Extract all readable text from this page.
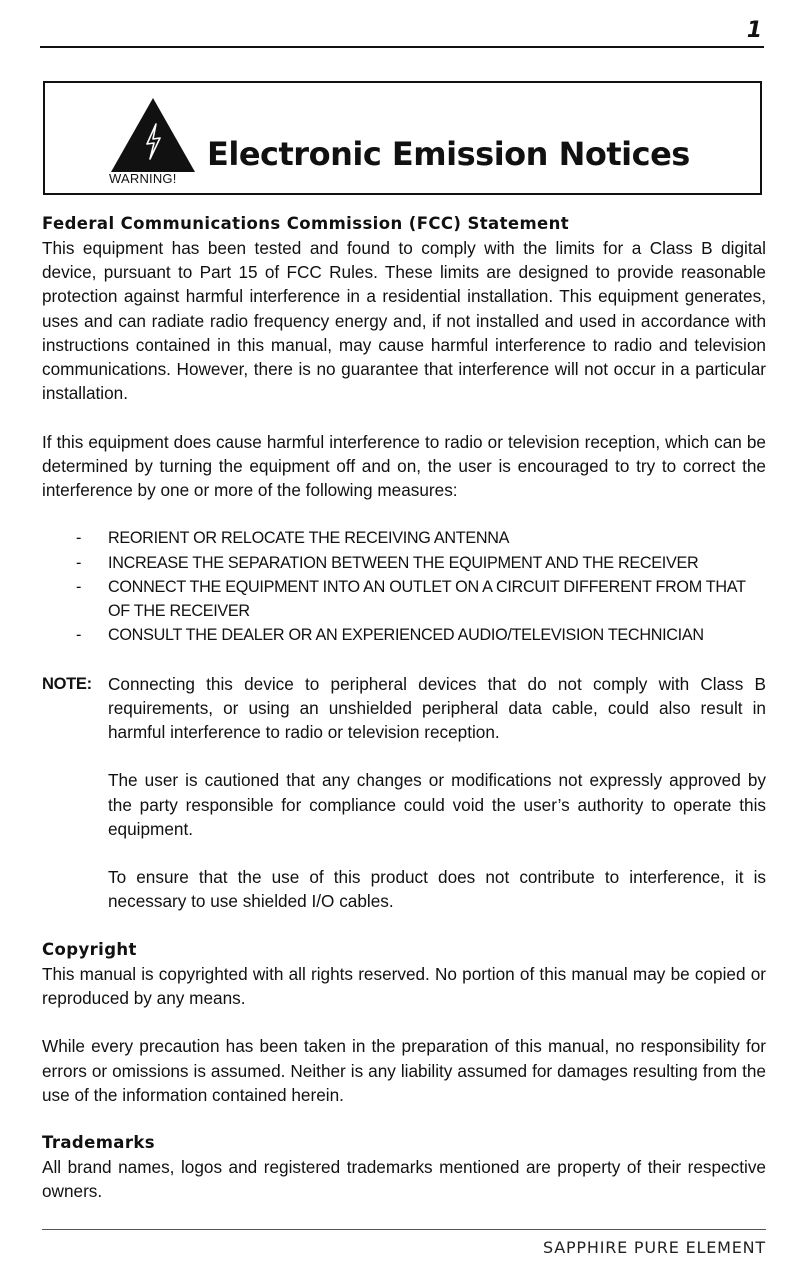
1
WARNING!
Electronic Emission Notices
Federal Communications Commission (FCC) Statement

This equipment has been tested and found to comply with the limits for a Class B digital device, pursuant to Part 15 of FCC Rules. These limits are designed to provide reasonable protection against harmful interference in a residential installation. This equipment generates, uses and can radiate radio frequency energy and, if not installed and used in accordance with instructions contained in this manual, may cause harmful interference to radio and television communications. However, there is no guarantee that interference will not occur in a particular installation.

If this equipment does cause harmful interference to radio or television reception, which can be determined by turning the equipment off and on, the user is encouraged to try to correct the interference by one or more of the following measures:

- REORIENT OR RELOCATE THE RECEIVING ANTENNA
- INCREASE THE SEPARATION BETWEEN THE EQUIPMENT AND THE RECEIVER
- CONNECT THE EQUIPMENT INTO AN OUTLET ON A CIRCUIT DIFFERENT FROM THAT OF THE RECEIVER
- CONSULT THE DEALER OR AN EXPERIENCED AUDIO/TELEVISION TECHNICIAN
NOTE: Connecting this device to peripheral devices that do not comply with Class B requirements, or using an unshielded peripheral data cable, could also result in harmful interference to radio or television reception.

The user is cautioned that any changes or modifications not expressly approved by the party responsible for compliance could void the user’s authority to operate this equipment.

To ensure that the use of this product does not contribute to interference, it is necessary to use shielded I/O cables.

Copyright

This manual is copyrighted with all rights reserved. No portion of this manual may be copied or reproduced by any means.

While every precaution has been taken in the preparation of this manual, no responsibility for errors or omissions is assumed. Neither is any liability assumed for damages resulting from the use of the information contained herein.

Trademarks

All brand names, logos and registered trademarks mentioned are property of their respective owners.

SAPPHIRE PURE ELEMENT
